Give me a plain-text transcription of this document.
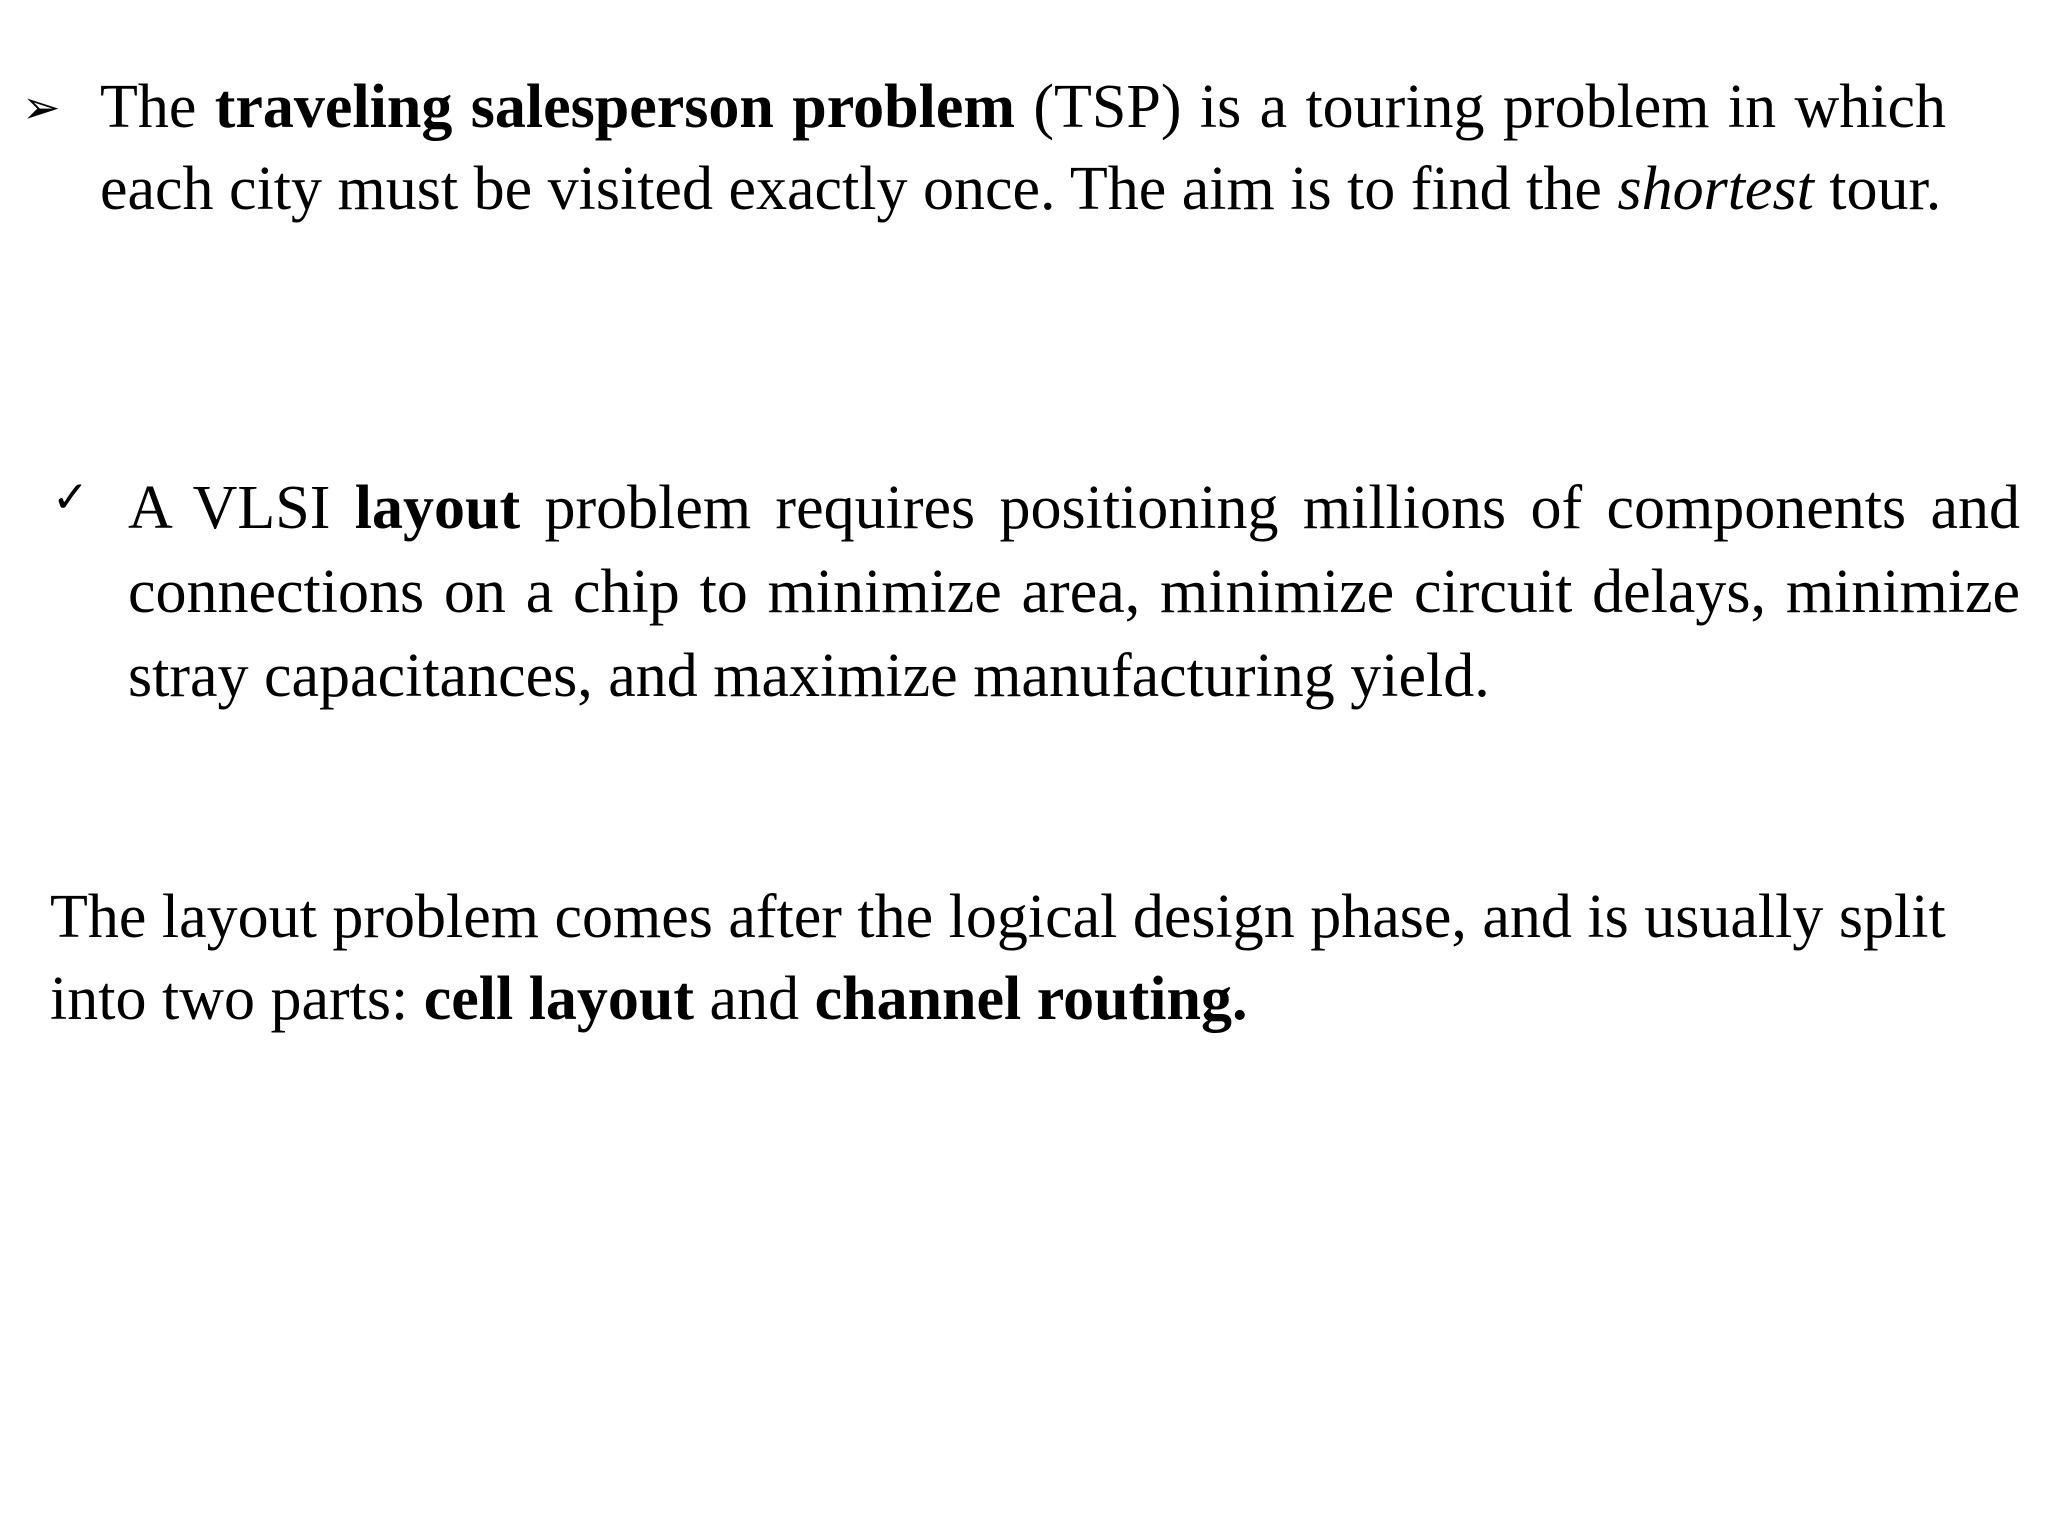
➢ The traveling salesperson problem (TSP) is a touring problem in which each city must be visited exactly once. The aim is to find the shortest tour.
✓ A VLSI layout problem requires positioning millions of components and connections on a chip to minimize area, minimize circuit delays, minimize stray capacitances, and maximize manufacturing yield.
The layout problem comes after the logical design phase, and is usually split into two parts: cell layout and channel routing.
